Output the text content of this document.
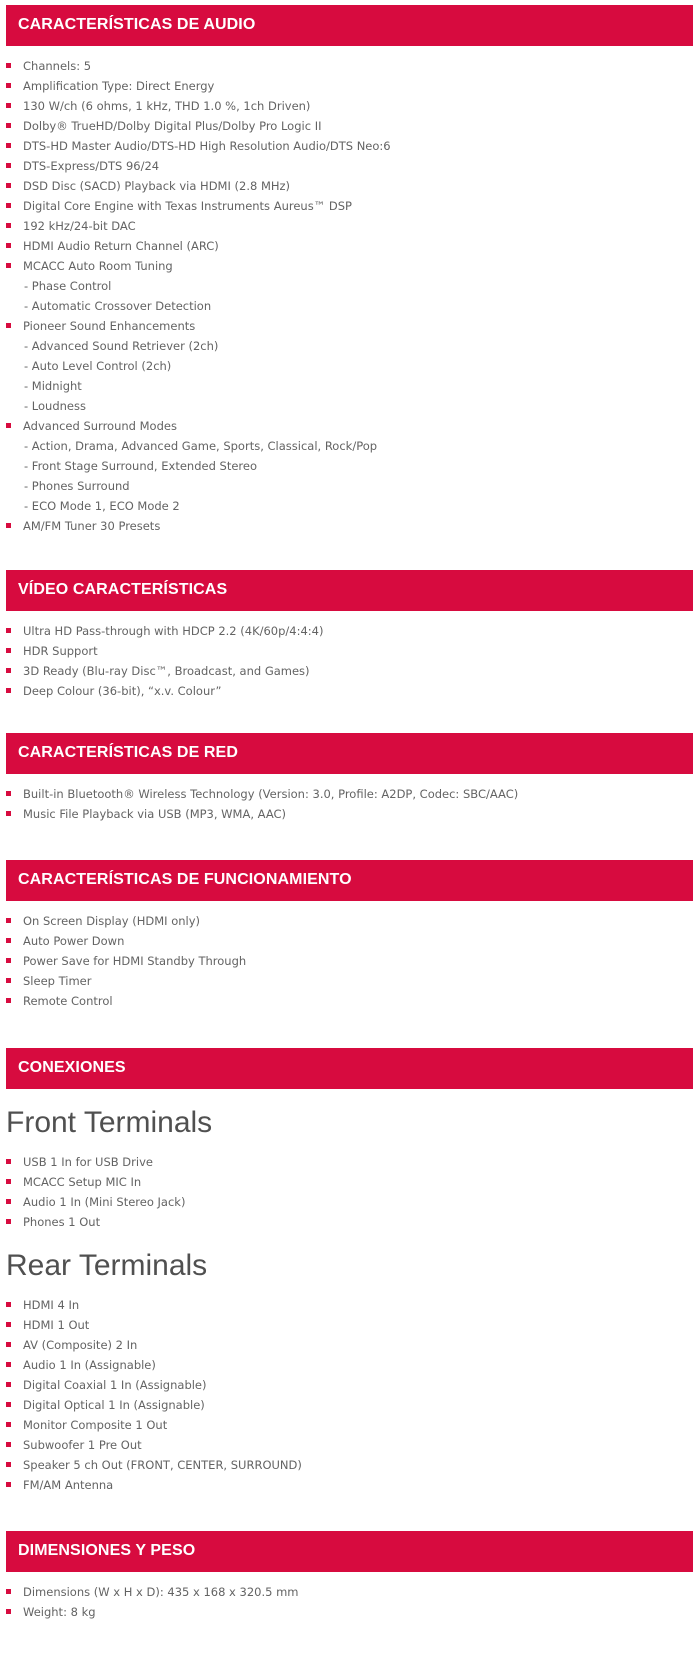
CARACTERÍSTICAS DE AUDIO
Channels: 5
Amplification Type: Direct Energy
130 W/ch (6 ohms, 1 kHz, THD 1.0 %, 1ch Driven)
Dolby® TrueHD/Dolby Digital Plus/Dolby Pro Logic II
DTS-HD Master Audio/DTS-HD High Resolution Audio/DTS Neo:6
DTS-Express/DTS 96/24
DSD Disc (SACD) Playback via HDMI (2.8 MHz)
Digital Core Engine with Texas Instruments Aureus™ DSP
192 kHz/24-bit DAC
HDMI Audio Return Channel (ARC)
MCACC Auto Room Tuning
- Phase Control
- Automatic Crossover Detection
Pioneer Sound Enhancements
- Advanced Sound Retriever (2ch)
- Auto Level Control (2ch)
- Midnight
- Loudness
Advanced Surround Modes
- Action, Drama, Advanced Game, Sports, Classical, Rock/Pop
- Front Stage Surround, Extended Stereo
- Phones Surround
- ECO Mode 1, ECO Mode 2
AM/FM Tuner 30 Presets
VÍDEO CARACTERÍSTICAS
Ultra HD Pass-through with HDCP 2.2 (4K/60p/4:4:4)
HDR Support
3D Ready (Blu-ray Disc™, Broadcast, and Games)
Deep Colour (36-bit), “x.v. Colour”
CARACTERÍSTICAS DE RED
Built-in Bluetooth® Wireless Technology (Version: 3.0, Profile: A2DP, Codec: SBC/AAC)
Music File Playback via USB (MP3, WMA, AAC)
CARACTERÍSTICAS DE FUNCIONAMIENTO
On Screen Display (HDMI only)
Auto Power Down
Power Save for HDMI Standby Through
Sleep Timer
Remote Control
CONEXIONES
Front Terminals
USB 1 In for USB Drive
MCACC Setup MIC In
Audio 1 In (Mini Stereo Jack)
Phones 1 Out
Rear Terminals
HDMI 4 In
HDMI 1 Out
AV (Composite) 2 In
Audio 1 In (Assignable)
Digital Coaxial 1 In (Assignable)
Digital Optical 1 In (Assignable)
Monitor Composite 1 Out
Subwoofer 1 Pre Out
Speaker 5 ch Out (FRONT, CENTER, SURROUND)
FM/AM Antenna
DIMENSIONES Y PESO
Dimensions (W x H x D): 435 x 168 x 320.5 mm
Weight: 8 kg
